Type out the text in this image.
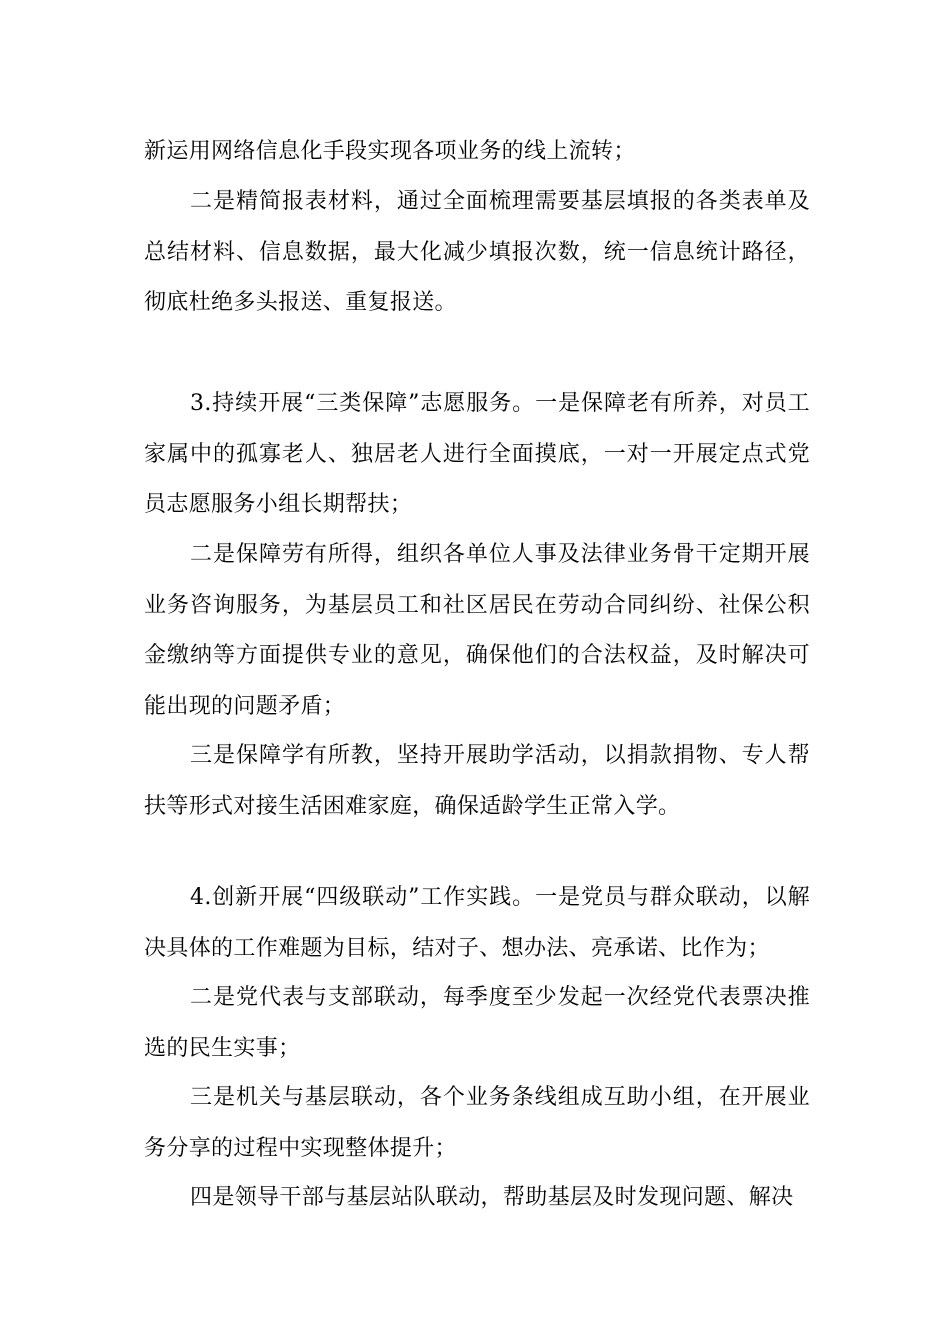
新运用网络信息化手段实现各项业务的线上流转；

二是精简报表材料，通过全面梳理需要基层填报的各类表单及总结材料、信息数据，最大化减少填报次数，统一信息统计路径，彻底杜绝多头报送、重复报送。

3.持续开展“三类保障”志愿服务。一是保障老有所养，对员工家属中的孤寡老人、独居老人进行全面摸底，一对一开展定点式党员志愿服务小组长期帮扶；

二是保障劳有所得，组织各单位人事及法律业务骨干定期开展业务咨询服务，为基层员工和社区居民在劳动合同纠纷、社保公积金缴纳等方面提供专业的意见，确保他们的合法权益，及时解决可能出现的问题矛盾；

三是保障学有所教，坚持开展助学活动，以捐款捐物、专人帮扶等形式对接生活困难家庭，确保适龄学生正常入学。

4.创新开展“四级联动”工作实践。一是党员与群众联动，以解决具体的工作难题为目标，结对子、想办法、亮承诺、比作为；

二是党代表与支部联动，每季度至少发起一次经党代表票决推选的民生实事；

三是机关与基层联动，各个业务条线组成互助小组，在开展业务分享的过程中实现整体提升；

四是领导干部与基层站队联动，帮助基层及时发现问题、解决
